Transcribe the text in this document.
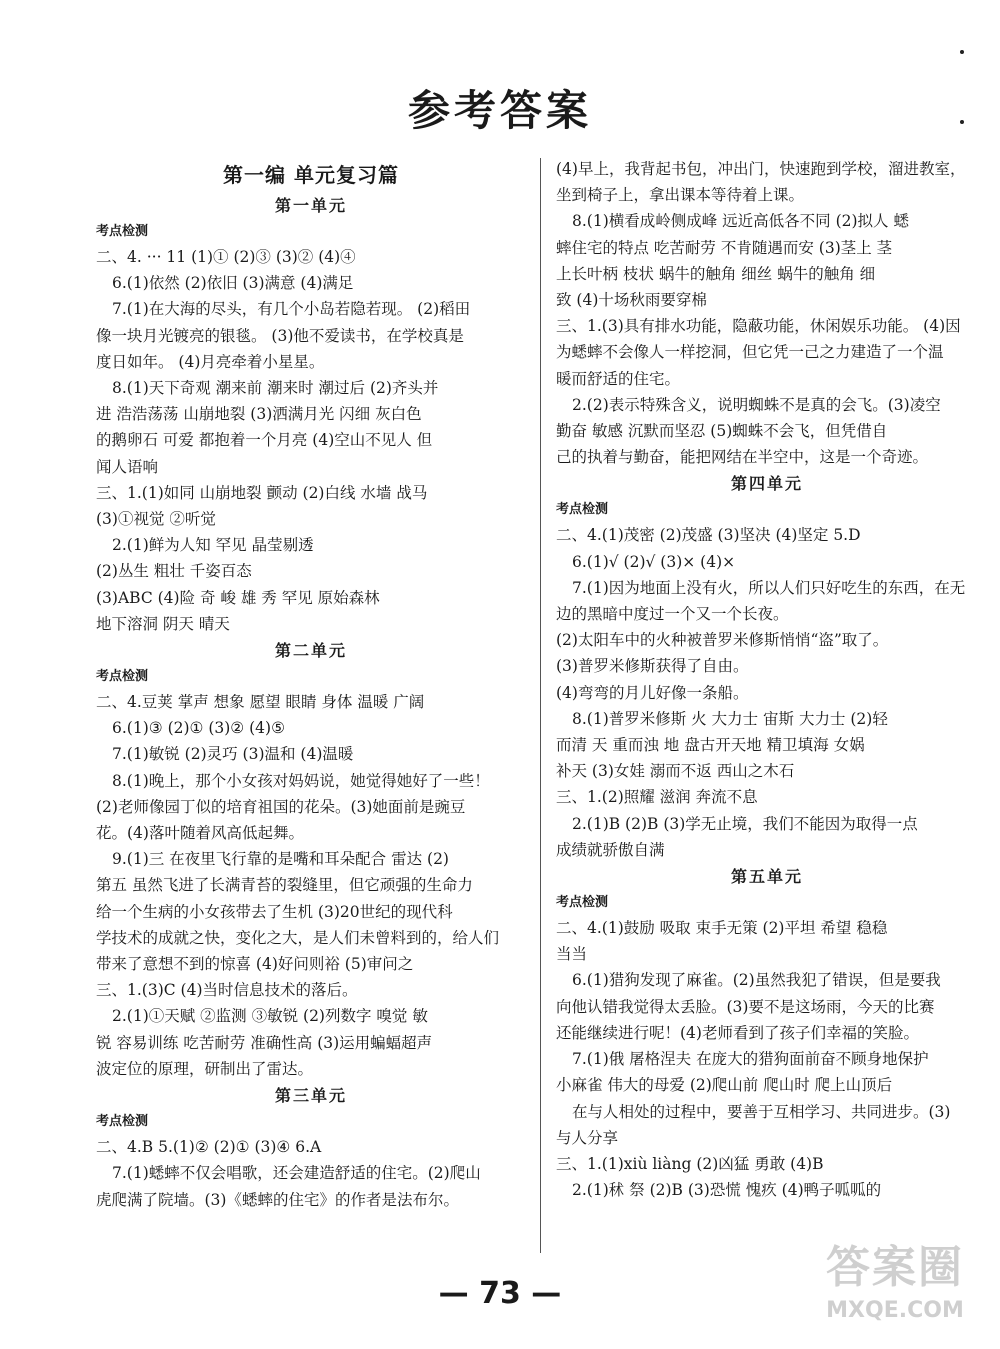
参考答案
第一编 单元复习篇
第一单元
考点检测
二、4. ··· 11 (1)① (2)③ (3)② (4)④
6.(1)依然 (2)依旧 (3)满意 (4)满足
7.(1)在大海的尽头，有几个小岛若隐若现。 (2)稻田
像一块月光镀亮的银毯。 (3)他不爱读书，在学校真是
度日如年。 (4)月亮牵着小星星。
8.(1)天下奇观 潮来前 潮来时 潮过后 (2)齐头并
进 浩浩荡荡 山崩地裂 (3)洒满月光 闪细 灰白色
的鹅卵石 可爱 都抱着一个月亮 (4)空山不见人 但
闻人语响
三、1.(1)如同 山崩地裂 颤动 (2)白线 水墙 战马
(3)①视觉 ②听觉
2.(1)鲜为人知 罕见 晶莹剔透
(2)丛生 粗壮 千姿百态
(3)ABC (4)险 奇 峻 雄 秀 罕见 原始森林
地下溶洞 阴天 晴天
第二单元
考点检测
二、4.豆荚 掌声 想象 愿望 眼睛 身体 温暖 广阔
6.(1)③ (2)① (3)② (4)⑤
7.(1)敏锐 (2)灵巧 (3)温和 (4)温暖
8.(1)晚上，那个小女孩对妈妈说，她觉得她好了一些！
(2)老师像园丁似的培育祖国的花朵。(3)她面前是豌豆
花。(4)落叶随着风高低起舞。
9.(1)三 在夜里飞行靠的是嘴和耳朵配合 雷达 (2)
第五 虽然飞进了长满青苔的裂缝里，但它顽强的生命力
给一个生病的小女孩带去了生机 (3)20世纪的现代科
学技术的成就之快，变化之大，是人们未曾料到的，给人们
带来了意想不到的惊喜 (4)好问则裕 (5)审问之
三、1.(3)C (4)当时信息技术的落后。
2.(1)①天赋 ②监测 ③敏锐 (2)列数字 嗅觉 敏
锐 容易训练 吃苦耐劳 准确性高 (3)运用蝙蝠超声
波定位的原理，研制出了雷达。
第三单元
考点检测
二、4.B 5.(1)② (2)① (3)④ 6.A
7.(1)蟋蟀不仅会唱歌，还会建造舒适的住宅。(2)爬山
虎爬满了院墙。(3)《蟋蟀的住宅》的作者是法布尔。
(4)早上，我背起书包，冲出门，快速跑到学校，溜进教室，
坐到椅子上，拿出课本等待着上课。
8.(1)横看成岭侧成峰 远近高低各不同 (2)拟人 蟋
蟀住宅的特点 吃苦耐劳 不肯随遇而安 (3)茎上 茎
上长叶柄 枝状 蜗牛的触角 细丝 蜗牛的触角 细
致 (4)十场秋雨要穿棉
三、1.(3)具有排水功能，隐蔽功能，休闲娱乐功能。 (4)因
为蟋蟀不会像人一样挖洞，但它凭一己之力建造了一个温
暖而舒适的住宅。
2.(2)表示特殊含义，说明蜘蛛不是真的会飞。(3)凌空
勤奋 敏感 沉默而坚忍 (5)蜘蛛不会飞，但凭借自
己的执着与勤奋，能把网结在半空中，这是一个奇迹。
第四单元
考点检测
二、4.(1)茂密 (2)茂盛 (3)坚决 (4)坚定 5.D
6.(1)√ (2)√ (3)× (4)×
7.(1)因为地面上没有火，所以人们只好吃生的东西，在无
边的黑暗中度过一个又一个长夜。
(2)太阳车中的火种被普罗米修斯悄悄“盗”取了。
(3)普罗米修斯获得了自由。
(4)弯弯的月儿好像一条船。
8.(1)普罗米修斯 火 大力士 宙斯 大力士 (2)轻
而清 天 重而浊 地 盘古开天地 精卫填海 女娲
补天 (3)女娃 溺而不返 西山之木石
三、1.(2)照耀 滋润 奔流不息
2.(1)B (2)B (3)学无止境，我们不能因为取得一点
成绩就骄傲自满
第五单元
考点检测
二、4.(1)鼓励 吸取 束手无策 (2)平坦 希望 稳稳
当当
6.(1)猎狗发现了麻雀。(2)虽然我犯了错误，但是要我
向他认错我觉得太丢脸。(3)要不是这场雨，今天的比赛
还能继续进行呢！(4)老师看到了孩子们幸福的笑脸。
7.(1)俄 屠格涅夫 在庞大的猎狗面前奋不顾身地保护
小麻雀 伟大的母爱 (2)爬山前 爬山时 爬上山顶后
在与人相处的过程中，要善于互相学习、共同进步。(3)
与人分享
三、1.(1)xiù liàng (2)凶猛 勇敢 (4)B
2.(1)秫 祭 (2)B (3)恐慌 愧疚 (4)鸭子呱呱的
— 73 —
答案圈
MXQE.COM
